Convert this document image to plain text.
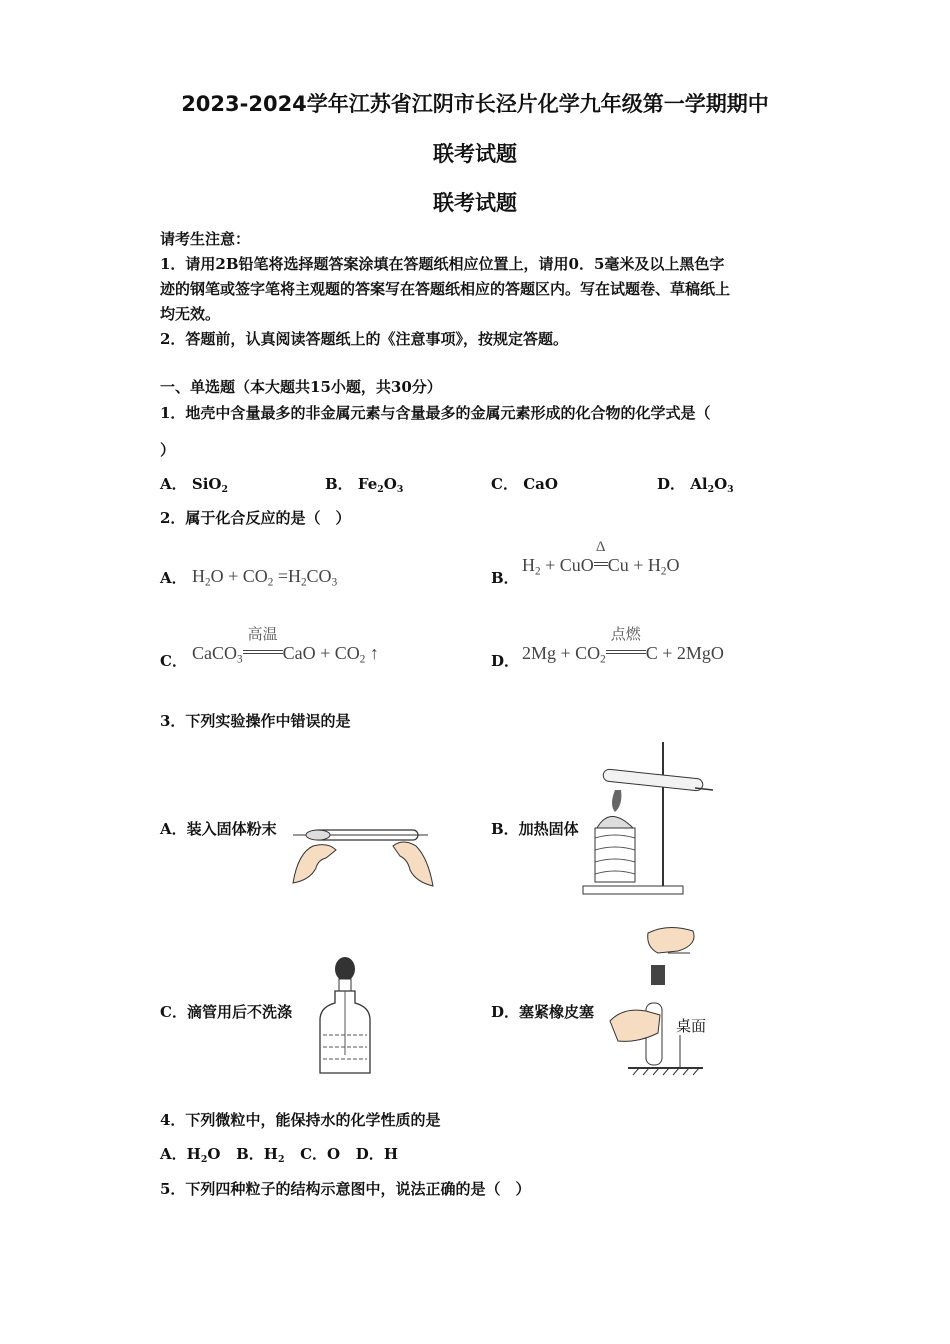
2023-2024学年江苏省江阴市长泾片化学九年级第一学期期中
联考试题
联考试题
请考生注意：
1．请用2B铅笔将选择题答案涂填在答题纸相应位置上，请用0．5毫米及以上黑色字
迹的钢笔或签字笔将主观题的答案写在答题纸相应的答题区内。写在试题卷、草稿纸上
均无效。
2．答题前，认真阅读答题纸上的《注意事项》，按规定答题。
一、单选题（本大题共15小题，共30分）
1．地壳中含量最多的非金属元素与含量最多的金属元素形成的化合物的化学式是（
）
A． SiO$_2$	B． $Fe_2O_3$	C． CaO	D． $Al_2O_3$
2．属于化合反应的是（　）
A． $H_2O + CO_2 =H_2CO_3$	B．
$H_2$ + CuO
Δ
$Cu + H_2O$
C． CaCO$_3$
高温
CaO + $CO_2$ ↑	D． $2Mg + CO_2$
点燃
C + 2MgO
3．下列实验操作中错误的是
A．装入固体粉末	B．加热固体
C．滴管用后不洗涤	D．塞紧橡皮塞
桌面
4．下列微粒中，能保持水的化学性质的是
A．$H_2O$ B．$H_2$ C．O D．H
5．下列四种粒子的结构示意图中，说法正确的是（　）
